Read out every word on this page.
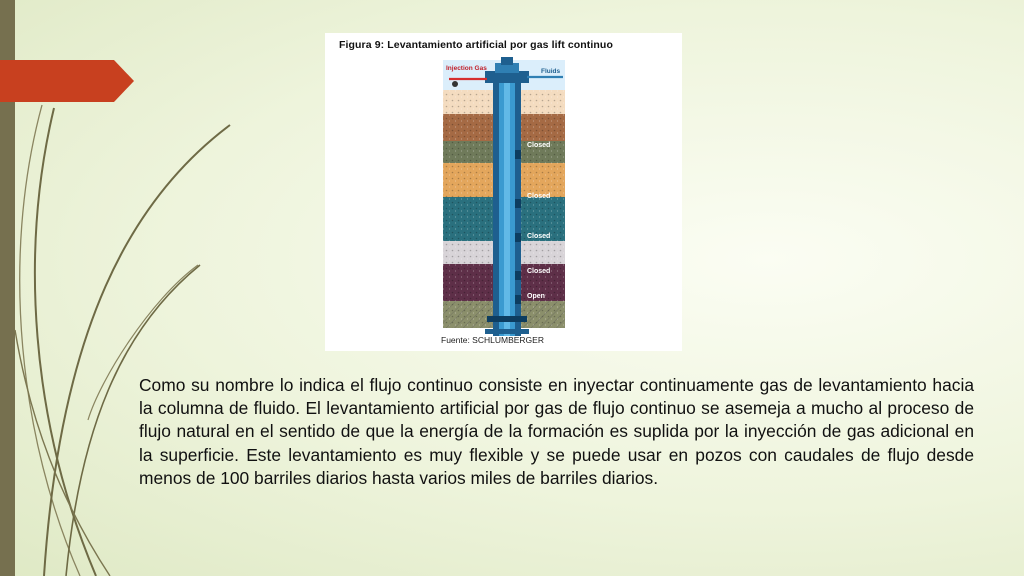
Figura 9: Levantamiento artificial por gas lift continuo
Injection Gas	Fluids
Closed
Closed
Closed
Closed
Open
Fuente: SCHLUMBERGER

Como su nombre lo indica el flujo continuo consiste en inyectar continuamente gas de levantamiento hacia la columna de fluido. El levantamiento artificial por gas de flujo continuo se asemeja a mucho al proceso de flujo natural en el sentido de que la energía de la formación es suplida por la inyección de gas adicional en la superficie. Este levantamiento es muy flexible y se puede usar en pozos con caudales de flujo desde menos de 100 barriles diarios hasta varios miles de barriles diarios.
